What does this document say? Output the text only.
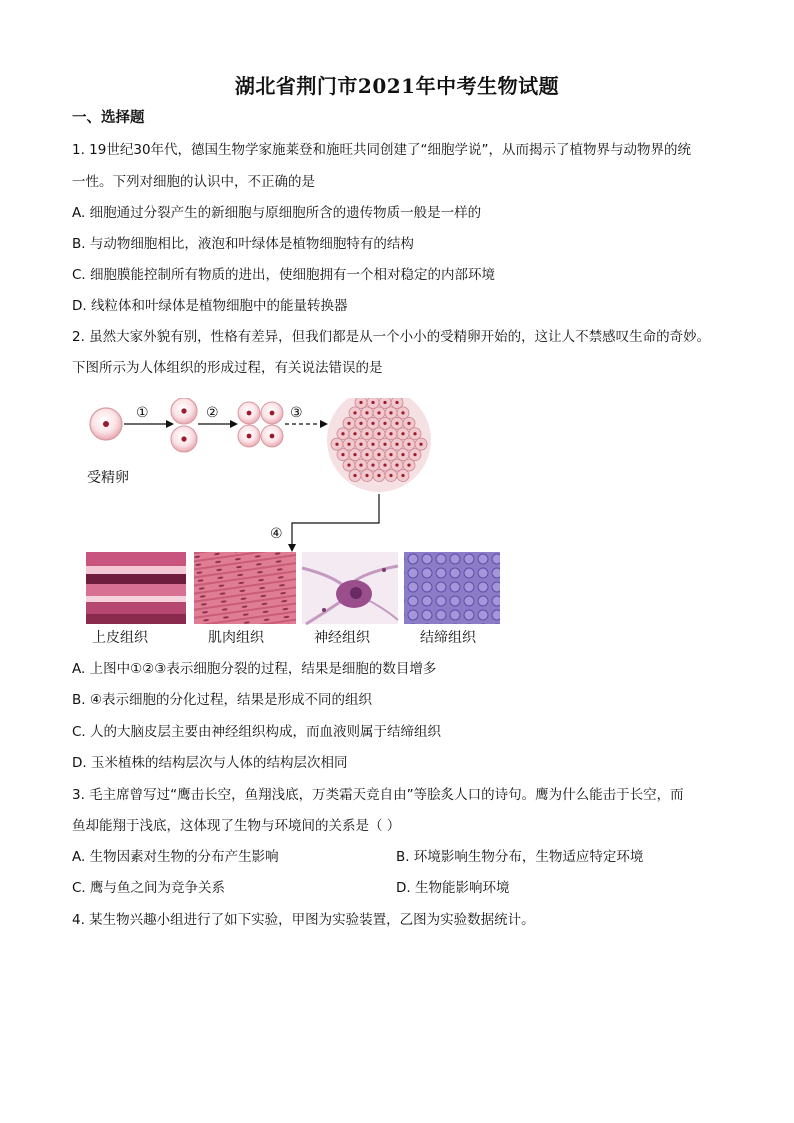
湖北省荆门市2021年中考生物试题
一、选择题
1. 19世纪30年代，德国生物学家施莱登和施旺共同创建了“细胞学说”，从而揭示了植物界与动物界的统
一性。下列对细胞的认识中，不正确的是
A. 细胞通过分裂产生的新细胞与原细胞所含的遗传物质一般是一样的
B. 与动物细胞相比，液泡和叶绿体是植物细胞特有的结构
C. 细胞膜能控制所有物质的进出，使细胞拥有一个相对稳定的内部环境
D. 线粒体和叶绿体是植物细胞中的能量转换器
2. 虽然大家外貌有别，性格有差异，但我们都是从一个小小的受精卵开始的，这让人不禁感叹生命的奇妙。
下图所示为人体组织的形成过程，有关说法错误的是
受精卵
①	②	③
④
上皮组织	肌肉组织	神经组织	结缔组织
A. 上图中①②③表示细胞分裂的过程，结果是细胞的数目增多
B. ④表示细胞的分化过程，结果是形成不同的组织
C. 人的大脑皮层主要由神经组织构成，而血液则属于结缔组织
D. 玉米植株的结构层次与人体的结构层次相同
3. 毛主席曾写过“鹰击长空，鱼翔浅底，万类霜天竞自由”等脍炙人口的诗句。鹰为什么能击于长空，而
鱼却能翔于浅底，这体现了生物与环境间的关系是（ ）
A. 生物因素对生物的分布产生影响	B. 环境影响生物分布，生物适应特定环境
C. 鹰与鱼之间为竞争关系	D. 生物能影响环境
4. 某生物兴趣小组进行了如下实验，甲图为实验装置，乙图为实验数据统计。
